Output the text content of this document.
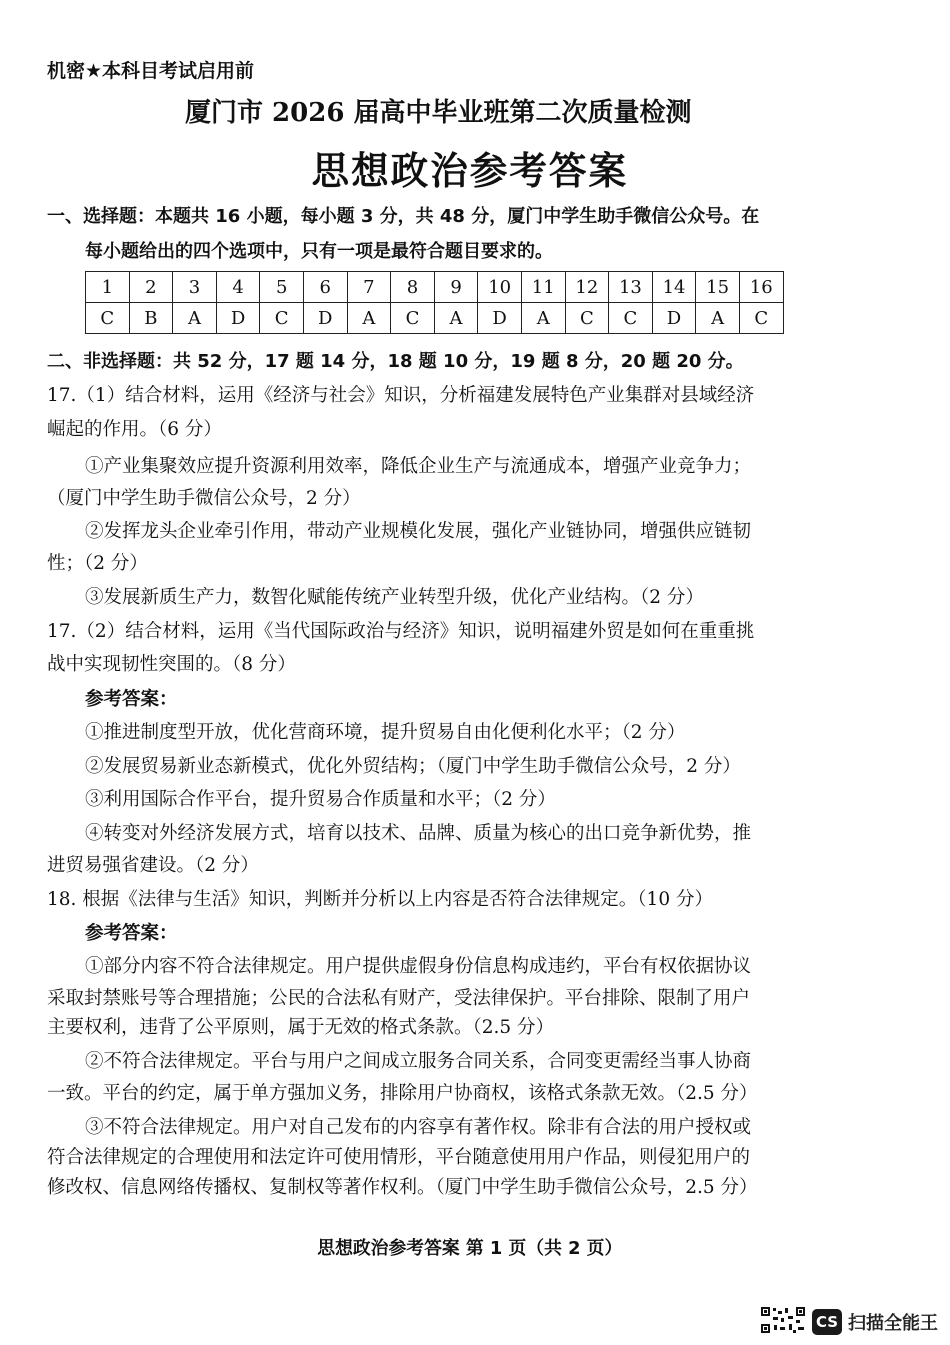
机密★本科目考试启用前
厦门市 2026 届高中毕业班第二次质量检测
思想政治参考答案
一、选择题：本题共 16 小题，每小题 3 分，共 48 分，厦门中学生助手微信公众号。在
每小题给出的四个选项中，只有一项是最符合题目要求的。
1	2	3	4	5	6	7	8	9	10	11	12	13	14	15	16
C	B	A	D	C	D	A	C	A	D	A	C	C	D	A	C
二、非选择题：共 52 分，17 题 14 分，18 题 10 分，19 题 8 分，20 题 20 分。
17.（1）结合材料，运用《经济与社会》知识，分析福建发展特色产业集群对县域经济
崛起的作用。（6 分）
①产业集聚效应提升资源利用效率，降低企业生产与流通成本，增强产业竞争力；
（厦门中学生助手微信公众号，2 分）
②发挥龙头企业牵引作用，带动产业规模化发展，强化产业链协同，增强供应链韧
性；（2 分）
③发展新质生产力，数智化赋能传统产业转型升级，优化产业结构。（2 分）
17.（2）结合材料，运用《当代国际政治与经济》知识，说明福建外贸是如何在重重挑
战中实现韧性突围的。（8 分）
参考答案：
①推进制度型开放，优化营商环境，提升贸易自由化便利化水平；（2 分）
②发展贸易新业态新模式，优化外贸结构；（厦门中学生助手微信公众号，2 分）
③利用国际合作平台，提升贸易合作质量和水平；（2 分）
④转变对外经济发展方式，培育以技术、品牌、质量为核心的出口竞争新优势，推
进贸易强省建设。（2 分）
18. 根据《法律与生活》知识，判断并分析以上内容是否符合法律规定。（10 分）
参考答案：
①部分内容不符合法律规定。用户提供虚假身份信息构成违约，平台有权依据协议
采取封禁账号等合理措施；公民的合法私有财产，受法律保护。平台排除、限制了用户
主要权利，违背了公平原则，属于无效的格式条款。（2.5 分）
②不符合法律规定。平台与用户之间成立服务合同关系，合同变更需经当事人协商
一致。平台的约定，属于单方强加义务，排除用户协商权，该格式条款无效。（2.5 分）
③不符合法律规定。用户对自己发布的内容享有著作权。除非有合法的用户授权或
符合法律规定的合理使用和法定许可使用情形，平台随意使用用户作品，则侵犯用户的
修改权、信息网络传播权、复制权等著作权利。（厦门中学生助手微信公众号，2.5 分）
思想政治参考答案 第 1 页（共 2 页）
CS 扫描全能王
